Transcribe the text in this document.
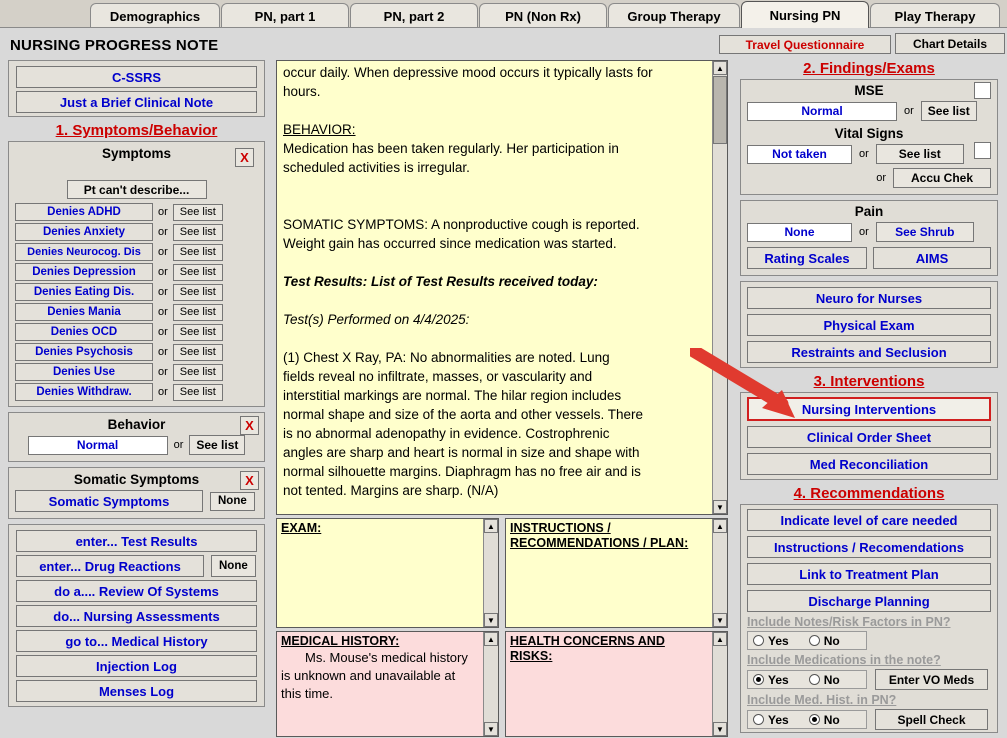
Demographics	PN, part 1	PN, part 2	PN (Non Rx)	Group Therapy	Nursing PN	Play Therapy
NURSING PROGRESS NOTE	Travel Questionnaire	Chart Details
C-SSRS
Just a Brief Clinical Note
1. Symptoms/Behavior
Symptoms	X
Pt can't describe...
Denies ADHD	or See list
Denies Anxiety	or See list
Denies Neurocog. Dis or See list
Denies Depression or See list
Denies Eating Dis. or See list
Denies Mania	or See list
Denies OCD	or See list
Denies Psychosis or See list
Denies Use	or See list
Denies Withdraw. or See list
Behavior	X
Normal	or See list
Somatic Symptoms	X
Somatic Symptoms	None
enter... Test Results
enter... Drug Reactions	None
do a.... Review Of Systems
do... Nursing Assessments
go to... Medical History
Injection Log
Menses Log
occur daily. When depressive mood occurs it typically lasts for
hours.

BEHAVIOR:
Medication has been taken regularly. Her participation in
scheduled activities is irregular.

SOMATIC SYMPTOMS: A nonproductive cough is reported.
Weight gain has occurred since medication was started.

Test Results: List of Test Results received today:

Test(s) Performed on 4/4/2025:

(1) Chest X Ray, PA: No abnormalities are noted. Lung
fields reveal no infiltrate, masses, or vascularity and
interstitial markings are normal. The hilar region includes
normal shape and size of the aorta and other vessels. There
is no abnormal adenopathy in evidence. Costrophrenic
angles are sharp and heart is normal in size and shape with
normal silhouette margins. Diaphragm has no free air and is
not tented. Margins are sharp. (N/A)
▲
▼
EXAM:	▲
▼
INSTRUCTIONS /
RECOMMENDATIONS / PLAN:
▲
▼
MEDICAL HISTORY:
Ms. Mouse's medical history is unknown and unavailable at this time.
▲
▼
HEALTH CONCERNS AND
RISKS:
▲
▼
2. Findings/Exams
MSE
Normal	or See list
Vital Signs
Not taken	or See list
or Accu Chek
Pain
None	or See Shrub
Rating Scales	AIMS
Neuro for Nurses
Physical Exam
Restraints and Seclusion
3. Interventions
Nursing Interventions
Clinical Order Sheet
Med Reconciliation
4. Recommendations
Indicate level of care needed
Instructions / Recomendations
Link to Treatment Plan
Discharge Planning
Include Notes/Risk Factors in PN?
Yes	No
Include Medications in the note?
Yes	No	Enter VO Meds
Include Med. Hist. in PN?
Yes	No	Spell Check
